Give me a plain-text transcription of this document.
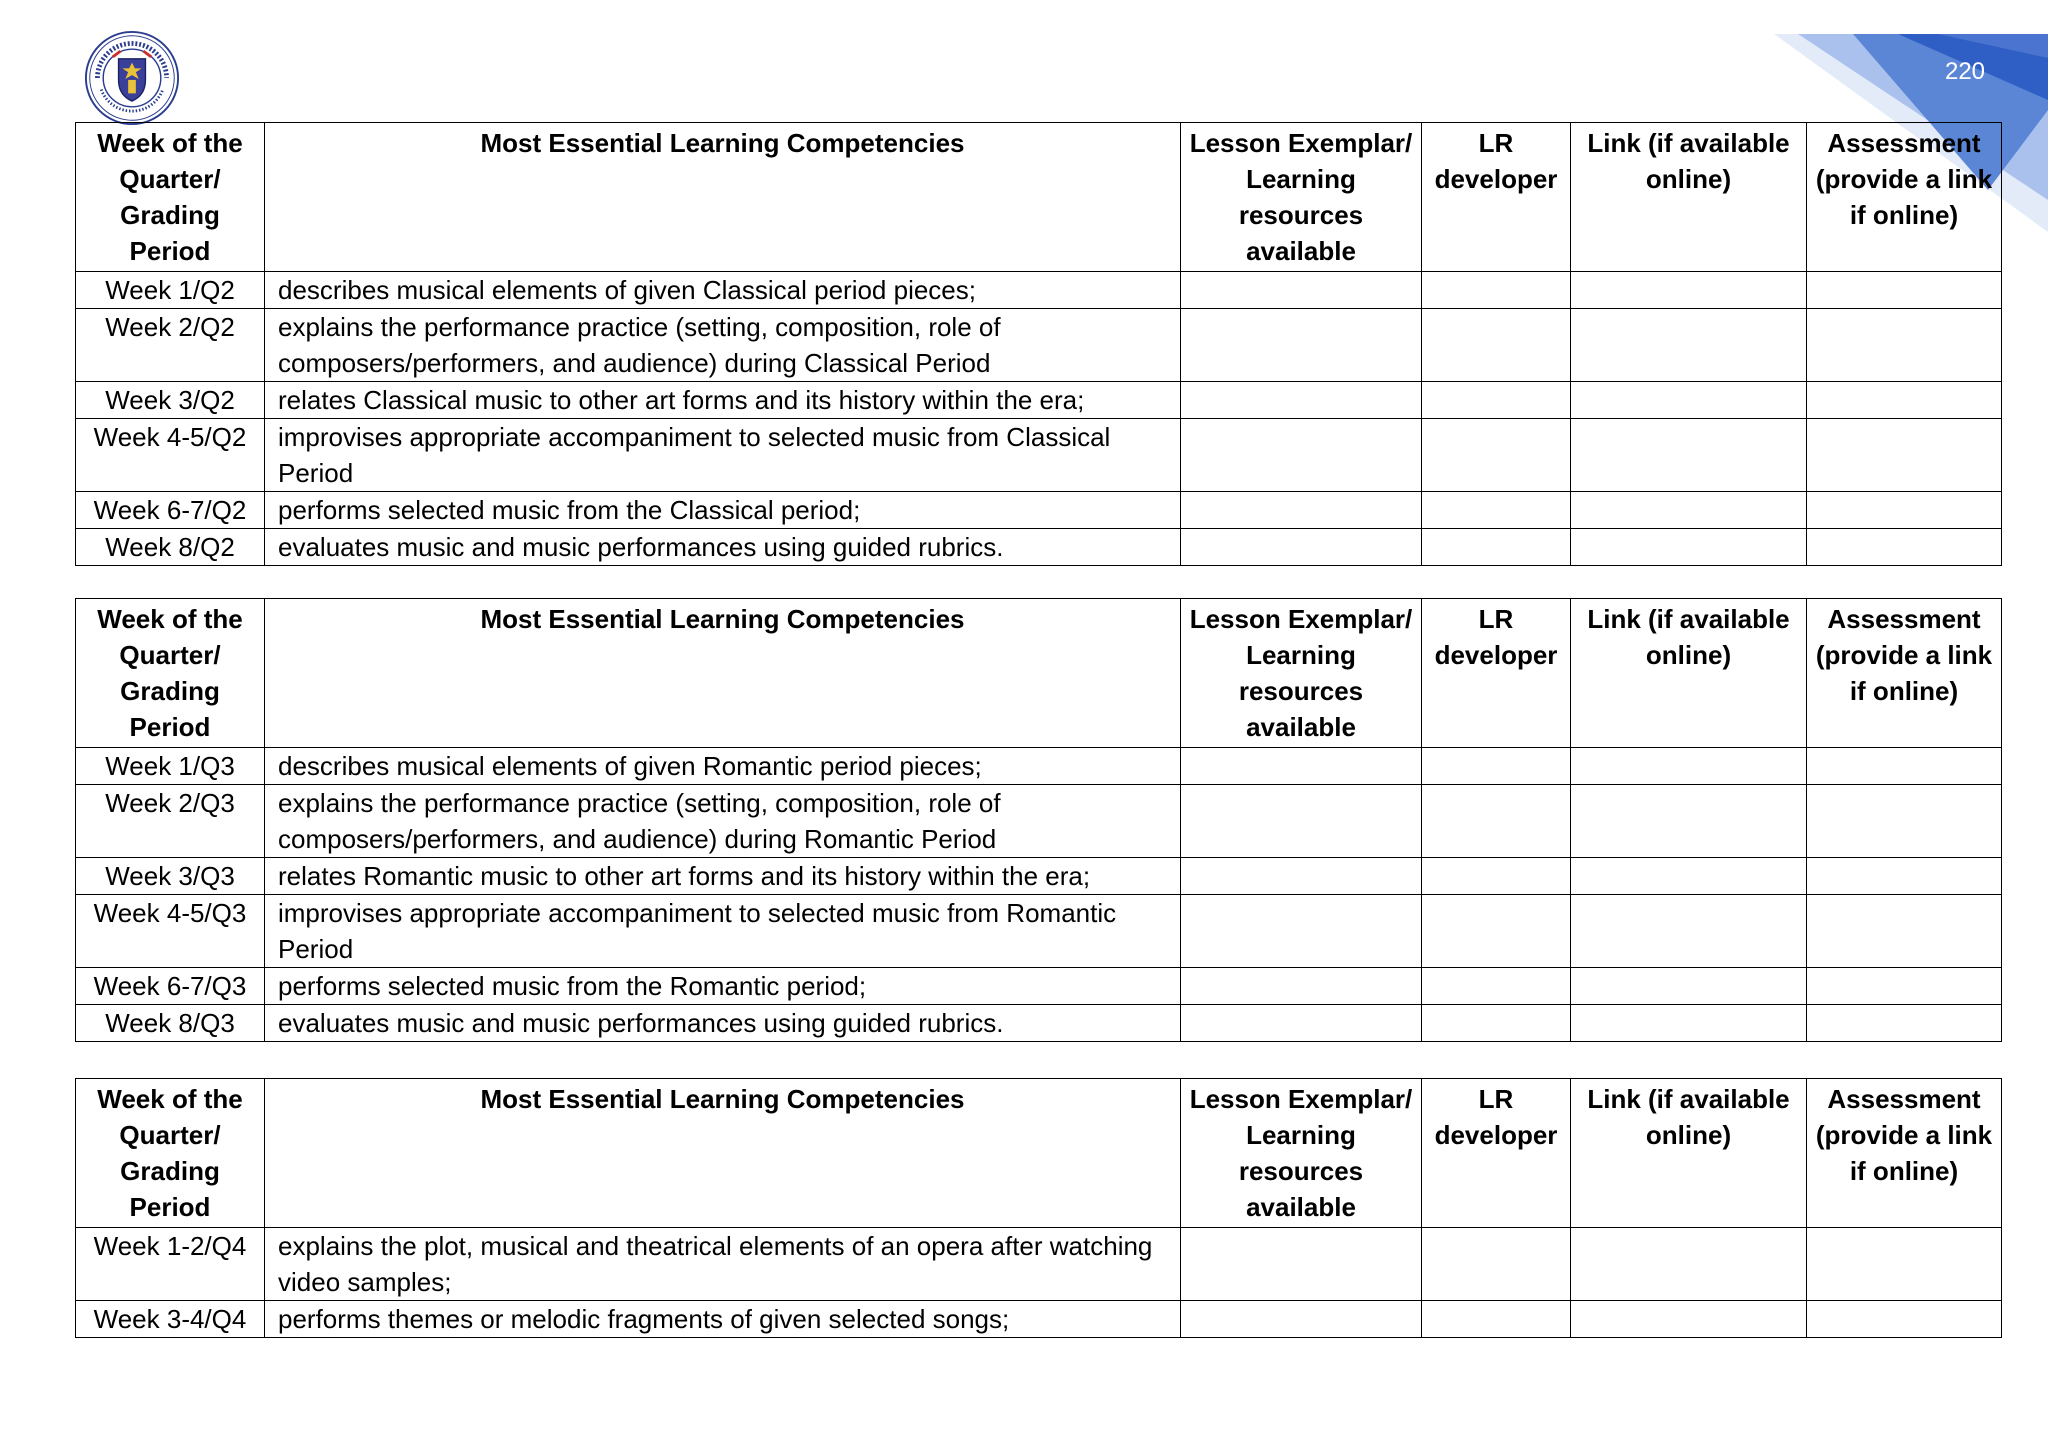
220
Week of the Quarter/ Grading Period	Most Essential Learning Competencies	Lesson Exemplar/ Learning resources available	LR developer	Link (if available online)	Assessment (provide a link if online)
Week 1/Q2	describes musical elements of given Classical period pieces;				
Week 2/Q2	explains the performance practice (setting, composition, role of composers/performers, and audience) during Classical Period				
Week 3/Q2	relates Classical music to other art forms and its history within the era;				
Week 4-5/Q2	improvises appropriate accompaniment to selected music from Classical Period				
Week 6-7/Q2	performs selected music from the Classical period;				
Week 8/Q2	evaluates music and music performances using guided rubrics.				
Week of the Quarter/ Grading Period	Most Essential Learning Competencies	Lesson Exemplar/ Learning resources available	LR developer	Link (if available online)	Assessment (provide a link if online)
Week 1/Q3	describes musical elements of given Romantic period pieces;				
Week 2/Q3	explains the performance practice (setting, composition, role of composers/performers, and audience) during Romantic Period				
Week 3/Q3	relates Romantic music to other art forms and its history within the era;				
Week 4-5/Q3	improvises appropriate accompaniment to selected music from Romantic Period				
Week 6-7/Q3	performs selected music from the Romantic period;				
Week 8/Q3	evaluates music and music performances using guided rubrics.				
Week of the Quarter/ Grading Period	Most Essential Learning Competencies	Lesson Exemplar/ Learning resources available	LR developer	Link (if available online)	Assessment (provide a link if online)
Week 1-2/Q4	explains the plot, musical and theatrical elements of an opera after watching video samples;				
Week 3-4/Q4	performs themes or melodic fragments of given selected songs;				
